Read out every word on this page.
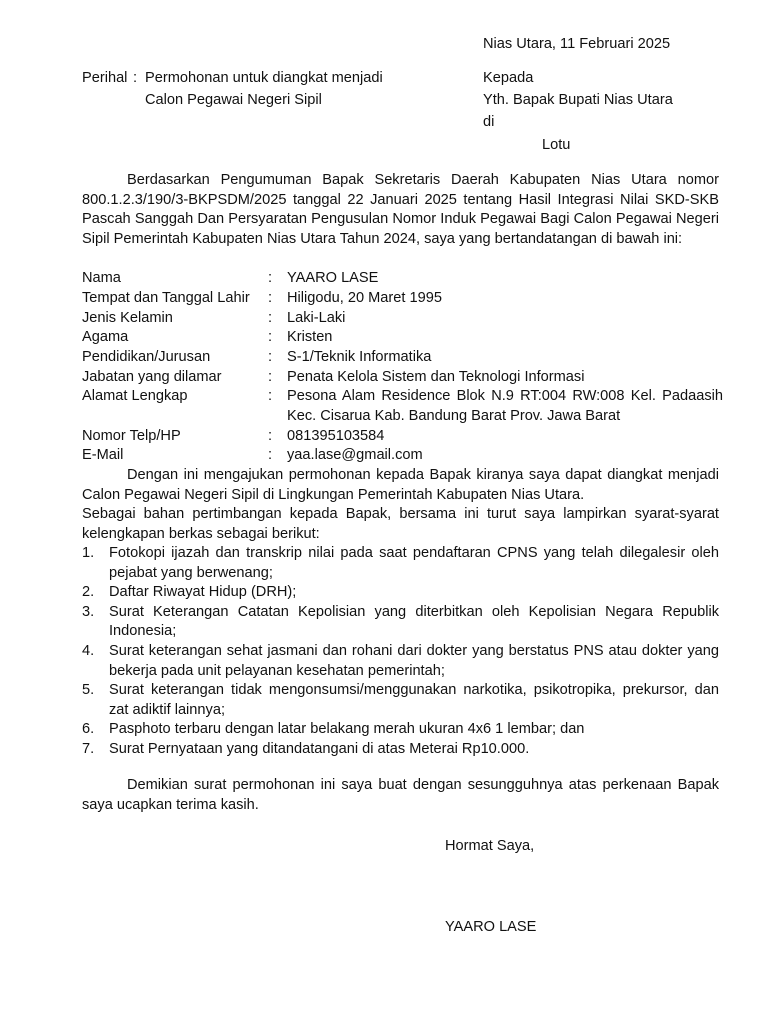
Nias Utara, 11 Februari 2025
Perihal : Permohonan untuk diangkat menjadi
Calon Pegawai Negeri Sipil
Kepada
Yth. Bapak Bupati Nias Utara
di
Lotu

Berdasarkan Pengumuman Bapak Sekretaris Daerah Kabupaten Nias Utara nomor 800.1.2.3/190/3-BKPSDM/2025 tanggal 22 Januari 2025 tentang Hasil Integrasi Nilai SKD-SKB Pascah Sanggah Dan Persyaratan Pengusulan Nomor Induk Pegawai Bagi Calon Pegawai Negeri Sipil Pemerintah Kabupaten Nias Utara Tahun 2024, saya yang bertandatangan di bawah ini:

Nama	: YAARO LASE
Tempat dan Tanggal Lahir : Hiligodu, 20 Maret 1995
Jenis Kelamin	: Laki-Laki
Agama	: Kristen
Pendidikan/Jurusan	: S-1/Teknik Informatika
Jabatan yang dilamar	: Penata Kelola Sistem dan Teknologi Informasi
Alamat Lengkap	: Pesona Alam Residence Blok N.9 RT:004 RW:008 Kel. Padaasih Kec. Cisarua Kab. Bandung Barat Prov. Jawa Barat
Nomor Telp/HP	: 081395103584
E-Mail	: yaa.lase@gmail.com

Dengan ini mengajukan permohonan kepada Bapak kiranya saya dapat diangkat menjadi Calon Pegawai Negeri Sipil di Lingkungan Pemerintah Kabupaten Nias Utara.

Sebagai bahan pertimbangan kepada Bapak, bersama ini turut saya lampirkan syarat-syarat kelengkapan berkas sebagai berikut:

1. Fotokopi ijazah dan transkrip nilai pada saat pendaftaran CPNS yang telah dilegalesir oleh pejabat yang berwenang;
2. Daftar Riwayat Hidup (DRH);
3. Surat Keterangan Catatan Kepolisian yang diterbitkan oleh Kepolisian Negara Republik Indonesia;
4. Surat keterangan sehat jasmani dan rohani dari dokter yang berstatus PNS atau dokter yang bekerja pada unit pelayanan kesehatan pemerintah;
5. Surat keterangan tidak mengonsumsi/menggunakan narkotika, psikotropika, prekursor, dan zat adiktif lainnya;
6. Pasphoto terbaru dengan latar belakang merah ukuran 4x6 1 lembar; dan
7. Surat Pernyataan yang ditandatangani di atas Meterai Rp10.000.

Demikian surat permohonan ini saya buat dengan sesungguhnya atas perkenaan Bapak saya ucapkan terima kasih.

Hormat Saya,
YAARO LASE
